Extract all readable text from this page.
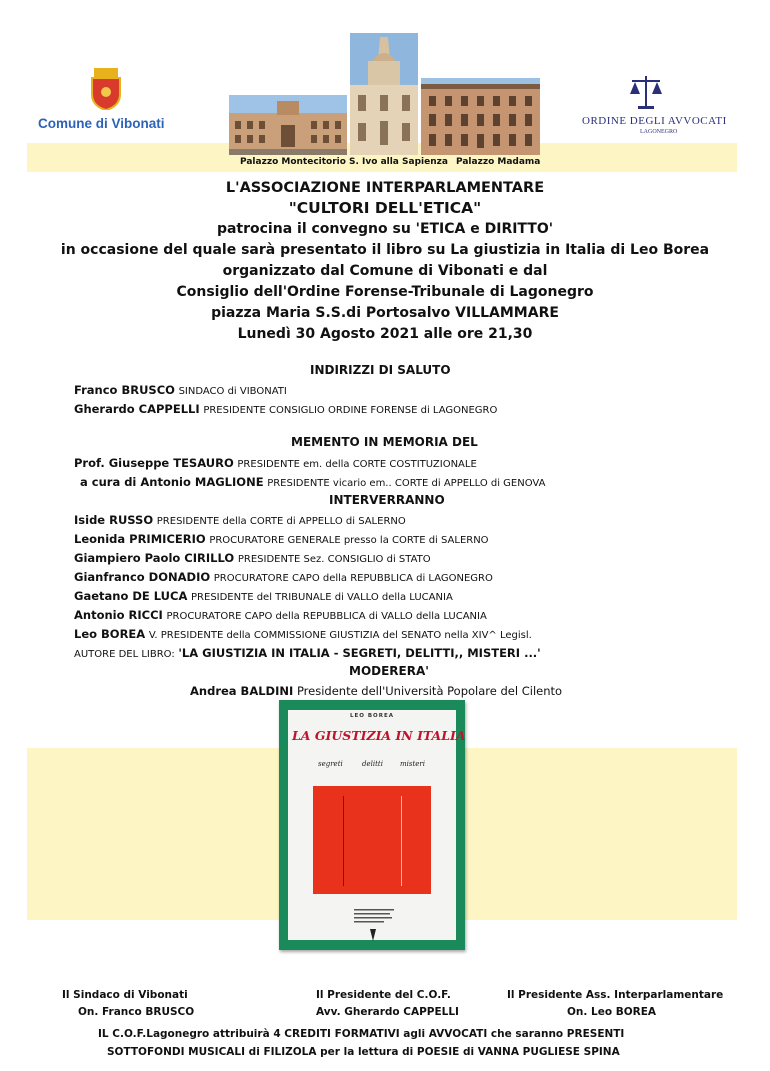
Comune di Vibonati	ORDINE DEGLI AVVOCATI
LAGONEGRO
Palazzo Montecitorio S. Ivo alla Sapienza Palazzo Madama
L'ASSOCIAZIONE INTERPARLAMENTARE
"CULTORI DELL'ETICA"
patrocina il convegno su 'ETICA e DIRITTO'
in occasione del quale sarà presentato il libro su La giustizia in Italia di Leo Borea
organizzato dal Comune di Vibonati e dal
Consiglio dell'Ordine Forense-Tribunale di Lagonegro
piazza Maria S.S.di Portosalvo VILLAMMARE
Lunedì 30 Agosto 2021 alle ore 21,30
INDIRIZZI DI SALUTO
Franco BRUSCO SINDACO di VIBONATI
Gherardo CAPPELLI PRESIDENTE CONSIGLIO ORDINE FORENSE di LAGONEGRO
MEMENTO IN MEMORIA DEL
Prof. Giuseppe TESAURO PRESIDENTE em. della CORTE COSTITUZIONALE
a cura di Antonio MAGLIONE PRESIDENTE vicario em.. CORTE di APPELLO di GENOVA
INTERVERRANNO
Iside RUSSO PRESIDENTE della CORTE di APPELLO di SALERNO
Leonida PRIMICERIO PROCURATORE GENERALE presso la CORTE di SALERNO
Giampiero Paolo CIRILLO PRESIDENTE Sez. CONSIGLIO di STATO
Gianfranco DONADIO PROCURATORE CAPO della REPUBBLICA di LAGONEGRO
Gaetano DE LUCA PRESIDENTE del TRIBUNALE di VALLO della LUCANIA
Antonio RICCI PROCURATORE CAPO della REPUBBLICA di VALLO della LUCANIA
Leo BOREA V. PRESIDENTE della COMMISSIONE GIUSTIZIA del SENATO nella XIV^ Legisl.
AUTORE DEL LIBRO: 'LA GIUSTIZIA IN ITALIA - SEGRETI, DELITTI,, MISTERI ...'
MODERERA'
Andrea BALDINI Presidente dell'Università Popolare del Cilento
LEO BOREA
LA GIUSTIZIA IN ITALIA
segreti	delitti misteri
Il Sindaco di Vibonati
On. Franco BRUSCO
Il Presidente del C.O.F.
Avv. Gherardo CAPPELLI
Il Presidente Ass. Interparlamentare
On. Leo BOREA
IL C.O.F.Lagonegro attribuirà 4 CREDITI FORMATIVI agli AVVOCATI che saranno PRESENTI
SOTTOFONDI MUSICALI di FILIZOLA per la lettura di POESIE di VANNA PUGLIESE SPINA
